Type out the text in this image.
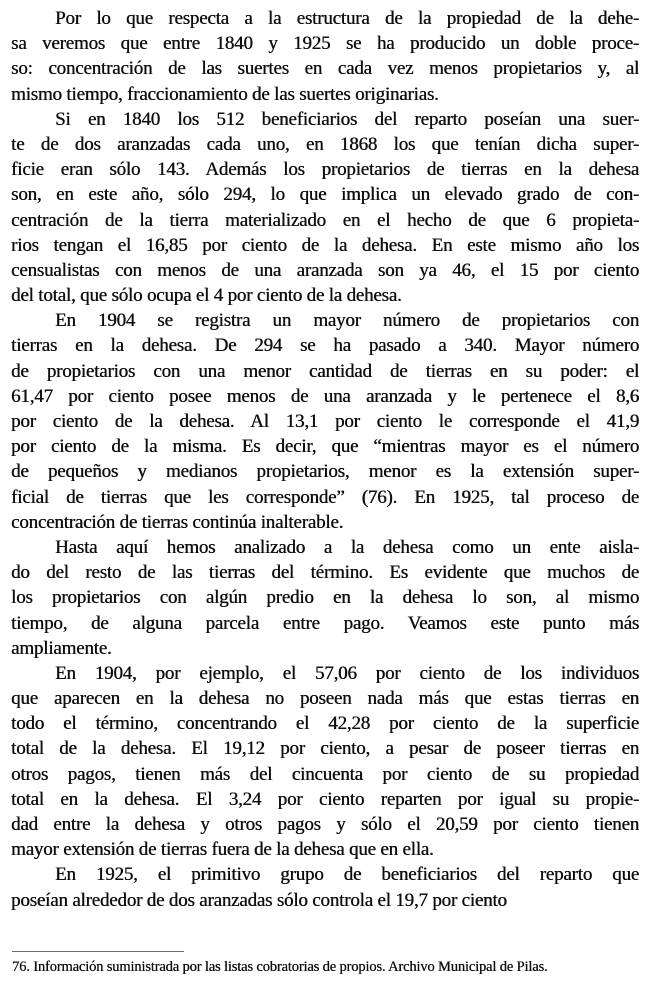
Por lo que respecta a la estructura de la propiedad de la dehe-
sa veremos que entre 1840 y 1925 se ha producido un doble proce-
so: concentración de las suertes en cada vez menos propietarios y, al
mismo tiempo, fraccionamiento de las suertes originarias.
Si en 1840 los 512 beneficiarios del reparto poseían una suer-
te de dos aranzadas cada uno, en 1868 los que tenían dicha super-
ficie eran sólo 143. Además los propietarios de tierras en la dehesa
son, en este año, sólo 294, lo que implica un elevado grado de con-
centración de la tierra materializado en el hecho de que 6 propieta-
rios tengan el 16,85 por ciento de la dehesa. En este mismo año los
censualistas con menos de una aranzada son ya 46, el 15 por ciento
del total, que sólo ocupa el 4 por ciento de la dehesa.
En 1904 se registra un mayor número de propietarios con
tierras en la dehesa. De 294 se ha pasado a 340. Mayor número
de propietarios con una menor cantidad de tierras en su poder: el
61,47 por ciento posee menos de una aranzada y le pertenece el 8,6
por ciento de la dehesa. Al 13,1 por ciento le corresponde el 41,9
por ciento de la misma. Es decir, que “mientras mayor es el número
de pequeños y medianos propietarios, menor es la extensión super-
ficial de tierras que les corresponde” (76). En 1925, tal proceso de
concentración de tierras continúa inalterable.
Hasta aquí hemos analizado a la dehesa como un ente aisla-
do del resto de las tierras del término. Es evidente que muchos de
los propietarios con algún predio en la dehesa lo son, al mismo
tiempo, de alguna parcela entre pago. Veamos este punto más
ampliamente.
En 1904, por ejemplo, el 57,06 por ciento de los individuos
que aparecen en la dehesa no poseen nada más que estas tierras en
todo el término, concentrando el 42,28 por ciento de la superficie
total de la dehesa. El 19,12 por ciento, a pesar de poseer tierras en
otros pagos, tienen más del cincuenta por ciento de su propiedad
total en la dehesa. El 3,24 por ciento reparten por igual su propie-
dad entre la dehesa y otros pagos y sólo el 20,59 por ciento tienen
mayor extensión de tierras fuera de la dehesa que en ella.
En 1925, el primitivo grupo de beneficiarios del reparto que
poseían alrededor de dos aranzadas sólo controla el 19,7 por ciento
76. Información suministrada por las listas cobratorias de propios. Archivo Municipal de Pilas.
